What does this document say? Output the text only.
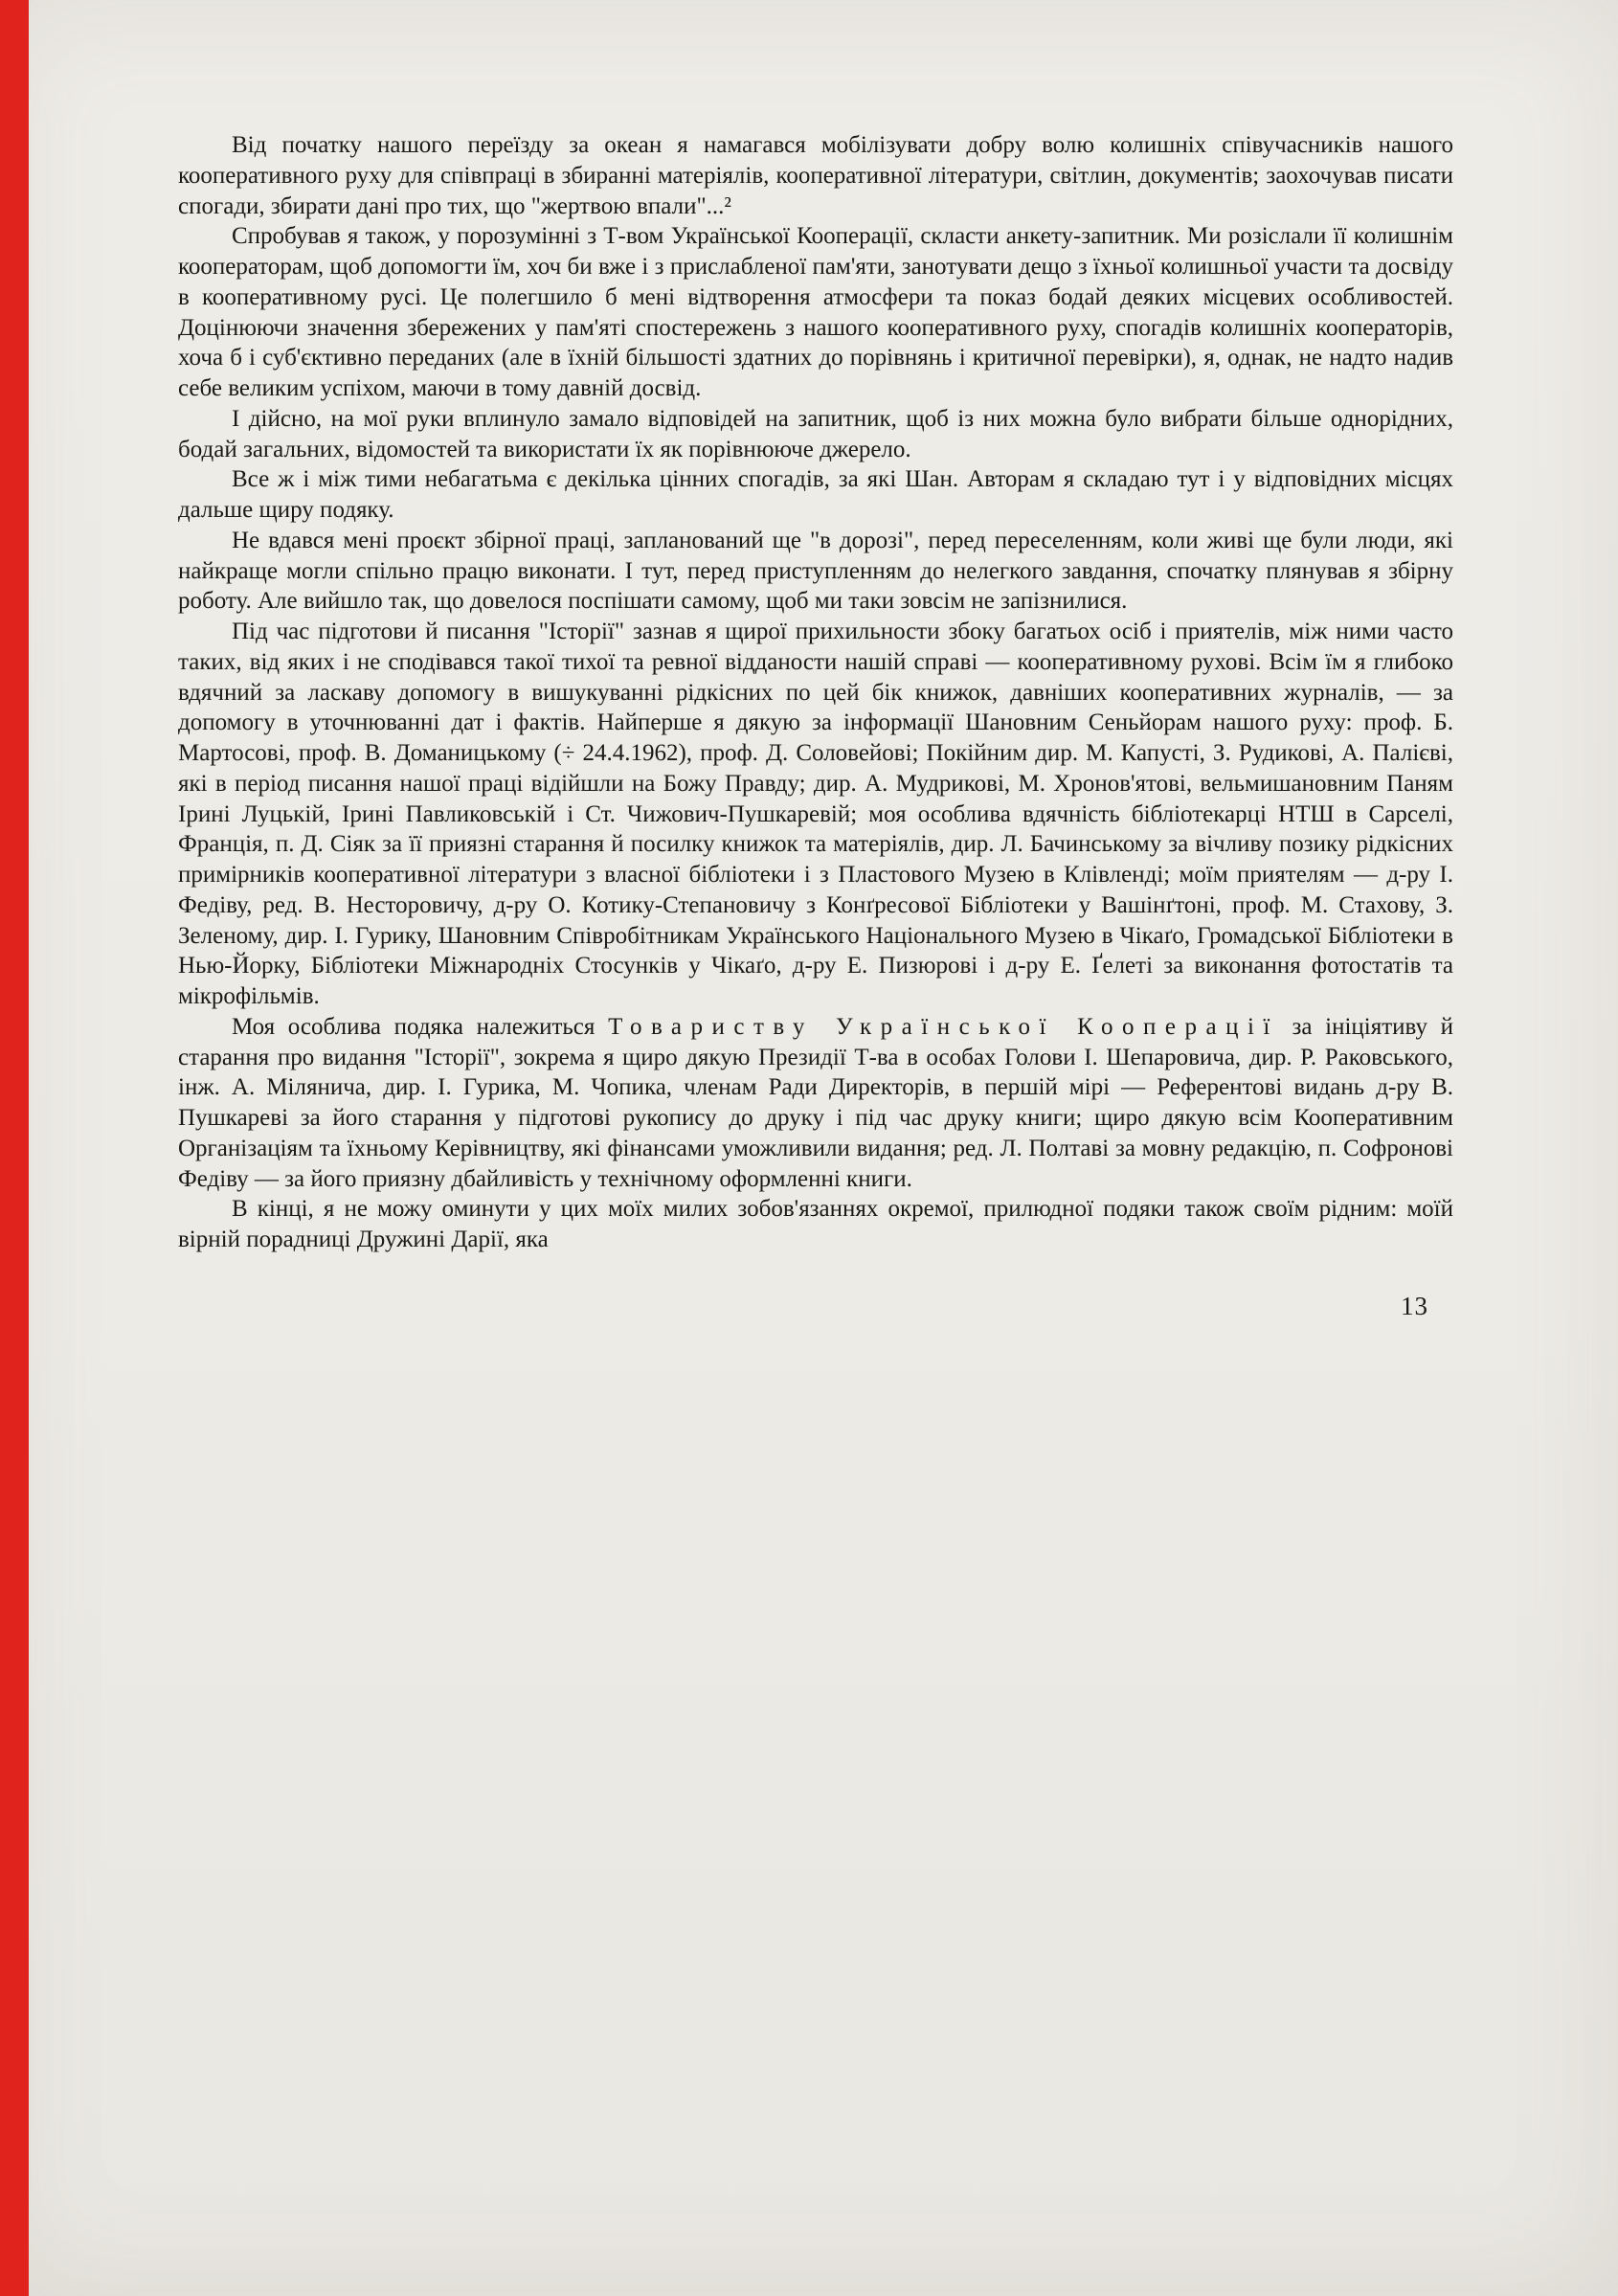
Від початку нашого переїзду за океан я намагався мобілізувати добру волю колишніх співучасників нашого кооперативного руху для співпраці в збиранні матеріялів, кооперативної літератури, світлин, документів; заохочував писати спогади, збирати дані про тих, що "жертвою впали"...²

Спробував я також, у порозумінні з Т-вом Української Кооперації, скласти анкету-запитник. Ми розіслали її колишнім кооператорам, щоб допомогти їм, хоч би вже і з прислабленої пам'яти, занотувати дещо з їхньої колишньої участи та досвіду в кооперативному русі. Це полегшило б мені відтворення атмосфери та показ бодай деяких місцевих особливостей. Доцінюючи значення збережених у пам'яті спостережень з нашого кооперативного руху, спогадів колишніх кооператорів, хоча б і суб'єктивно переданих (але в їхній більшості здатних до порівнянь і критичної перевірки), я, однак, не надто надив себе великим успіхом, маючи в тому давній досвід.

І дійсно, на мої руки вплинуло замало відповідей на запитник, щоб із них можна було вибрати більше однорідних, бодай загальних, відомостей та використати їх як порівнююче джерело.

Все ж і між тими небагатьма є декілька цінних спогадів, за які Шан. Авторам я складаю тут і у відповідних місцях дальше щиру подяку.

Не вдався мені проєкт збірної праці, запланований ще "в дорозі", перед переселенням, коли живі ще були люди, які найкраще могли спільно працю виконати. І тут, перед приступленням до нелегкого завдання, спочатку плянував я збірну роботу. Але вийшло так, що довелося поспішати самому, щоб ми таки зовсім не запізнилися.

Під час підготови й писання "Історії" зазнав я щирої прихильности збоку багатьох осіб і приятелів, між ними часто таких, від яких і не сподівався такої тихої та ревної відданости нашій справі — кооперативному рухові. Всім їм я глибоко вдячний за ласкаву допомогу в вишукуванні рідкісних по цей бік книжок, давніших кооперативних журналів, — за допомогу в уточнюванні дат і фактів. Найперше я дякую за інформації Шановним Сеньйорам нашого руху: проф. Б. Мартосові, проф. В. Доманицькому (÷ 24.4.1962), проф. Д. Соловейові; Покійним дир. М. Капусті, З. Рудикові, А. Палієві, які в період писання нашої праці відійшли на Божу Правду; дир. А. Мудрикові, М. Хронов'ятові, вельмишановним Паням Ірині Луцькій, Ірині Павликовській і Ст. Чижович-Пушкаревій; моя особлива вдячність бібліотекарці НТШ в Сарселі, Франція, п. Д. Сіяк за її приязні старання й посилку книжок та матеріялів, дир. Л. Бачинському за вічливу позику рідкісних примірників кооперативної літератури з власної бібліотеки і з Пластового Музею в Клівленді; моїм приятелям — д-ру І. Федіву, ред. В. Несторовичу, д-ру О. Котику-Степановичу з Конґресової Бібліотеки у Вашінґтоні, проф. М. Стахову, З. Зеленому, дир. І. Гурику, Шановним Співробітникам Українського Національного Музею в Чікаґо, Громадської Бібліотеки в Нью-Йорку, Бібліотеки Міжнародніх Стосунків у Чікаґо, д-ру Е. Пизюрові і д-ру Е. Ґелеті за виконання фотостатів та мікрофільмів.

Моя особлива подяка належиться Товариству Української Кооперації за ініціятиву й старання про видання "Історії", зокрема я щиро дякую Президії Т-ва в особах Голови І. Шепаровича, дир. Р. Раковського, інж. А. Мілянича, дир. І. Гурика, М. Чопика, членам Ради Директорів, в першій мірі — Референтові видань д-ру В. Пушкареві за його старання у підготові рукопису до друку і під час друку книги; щиро дякую всім Кооперативним Організаціям та їхньому Керівництву, які фінансами уможливили видання; ред. Л. Полтаві за мовну редакцію, п. Софронові Федіву — за його приязну дбайливість у технічному оформленні книги.

В кінці, я не можу оминути у цих моїх милих зобов'язаннях окремої, прилюдної подяки також своїм рідним: моїй вірній порадниці Дружині Дарії, яка

13
